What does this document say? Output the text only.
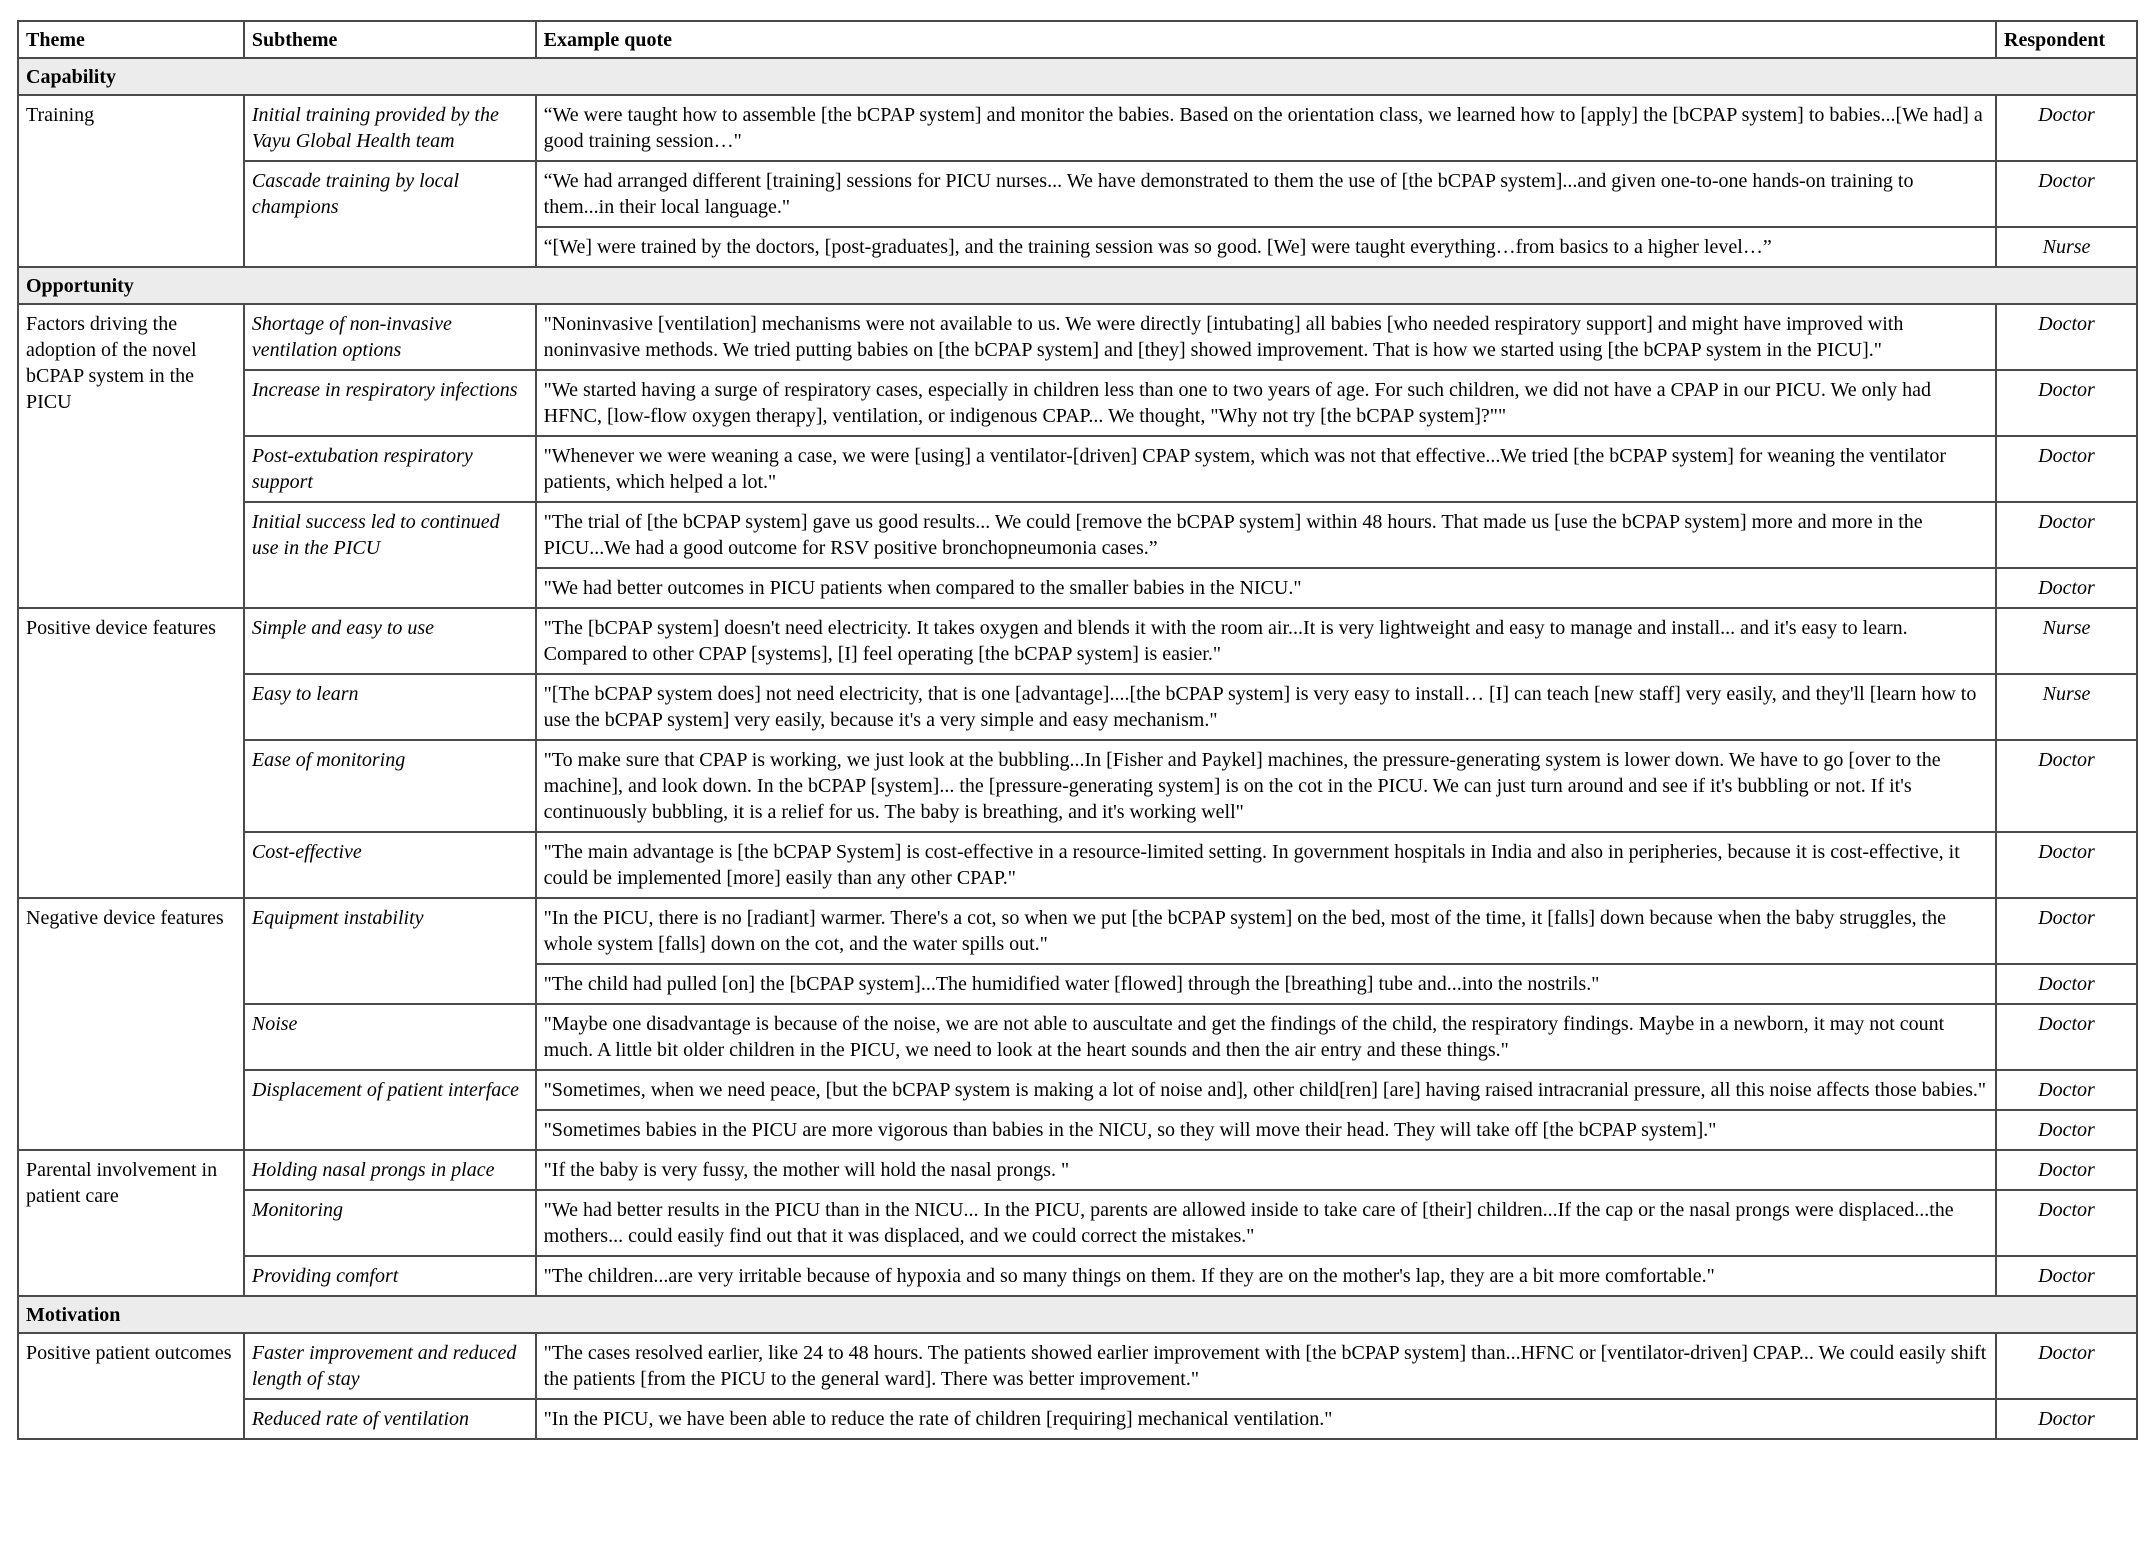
Theme	Subtheme	Example quote	Respondent
Capability			
Training	Initial training provided by the Vayu Global Health team	“We were taught how to assemble [the bCPAP system] and monitor the babies. Based on the orientation class, we learned how to [apply] the [bCPAP system] to babies...[We had] a good training session…"	Doctor
	Cascade training by local champions	“We had arranged different [training] sessions for PICU nurses... We have demonstrated to them the use of [the bCPAP system]...and given one-to-one hands-on training to them...in their local language."	Doctor
		“[We] were trained by the doctors, [post-graduates], and the training session was so good. [We] were taught everything…from basics to a higher level…”	Nurse
Opportunity			
Factors driving the adoption of the novel bCPAP system in the PICU	Shortage of non-invasive ventilation options	"Noninvasive [ventilation] mechanisms were not available to us. We were directly [intubating] all babies [who needed respiratory support] and might have improved with noninvasive methods. We tried putting babies on [the bCPAP system] and [they] showed improvement. That is how we started using [the bCPAP system in the PICU]."	Doctor
	Increase in respiratory infections	"We started having a surge of respiratory cases, especially in children less than one to two years of age. For such children, we did not have a CPAP in our PICU. We only had HFNC, [low-flow oxygen therapy], ventilation, or indigenous CPAP... We thought, "Why not try [the bCPAP system]?""	Doctor
	Post-extubation respiratory support	"Whenever we were weaning a case, we were [using] a ventilator-[driven] CPAP system, which was not that effective...We tried [the bCPAP system] for weaning the ventilator patients, which helped a lot."	Doctor
	Initial success led to continued use in the PICU	"The trial of [the bCPAP system] gave us good results... We could [remove the bCPAP system] within 48 hours. That made us [use the bCPAP system] more and more in the PICU...We had a good outcome for RSV positive bronchopneumonia cases.”	Doctor
		"We had better outcomes in PICU patients when compared to the smaller babies in the NICU."	Doctor
Positive device features	Simple and easy to use	"The [bCPAP system] doesn't need electricity. It takes oxygen and blends it with the room air...It is very lightweight and easy to manage and install... and it's easy to learn. Compared to other CPAP [systems], [I] feel operating [the bCPAP system] is easier."	Nurse
	Easy to learn	"[The bCPAP system does] not need electricity, that is one [advantage]....[the bCPAP system] is very easy to install… [I] can teach [new staff] very easily, and they'll [learn how to use the bCPAP system] very easily, because it's a very simple and easy mechanism."	Nurse
	Ease of monitoring	"To make sure that CPAP is working, we just look at the bubbling...In [Fisher and Paykel] machines, the pressure-generating system is lower down. We have to go [over to the machine], and look down. In the bCPAP [system]... the [pressure-generating system] is on the cot in the PICU. We can just turn around and see if it's bubbling or not. If it's continuously bubbling, it is a relief for us. The baby is breathing, and it's working well"	Doctor
	Cost-effective	"The main advantage is [the bCPAP System] is cost-effective in a resource-limited setting. In government hospitals in India and also in peripheries, because it is cost-effective, it could be implemented [more] easily than any other CPAP."	Doctor
Negative device features	Equipment instability	"In the PICU, there is no [radiant] warmer. There's a cot, so when we put [the bCPAP system] on the bed, most of the time, it [falls] down because when the baby struggles, the whole system [falls] down on the cot, and the water spills out."	Doctor
		"The child had pulled [on] the [bCPAP system]...The humidified water [flowed] through the [breathing] tube and...into the nostrils."	Doctor
	Noise	"Maybe one disadvantage is because of the noise, we are not able to auscultate and get the findings of the child, the respiratory findings. Maybe in a newborn, it may not count much. A little bit older children in the PICU, we need to look at the heart sounds and then the air entry and these things."	Doctor
	Displacement of patient interface	"Sometimes, when we need peace, [but the bCPAP system is making a lot of noise and], other child[ren] [are] having raised intracranial pressure, all this noise affects those babies."	Doctor
		"Sometimes babies in the PICU are more vigorous than babies in the NICU, so they will move their head. They will take off [the bCPAP system]."	Doctor
Parental involvement in patient care	Holding nasal prongs in place	"If the baby is very fussy, the mother will hold the nasal prongs. "	Doctor
	Monitoring	"We had better results in the PICU than in the NICU... In the PICU, parents are allowed inside to take care of [their] children...If the cap or the nasal prongs were displaced...the mothers... could easily find out that it was displaced, and we could correct the mistakes."	Doctor
	Providing comfort	"The children...are very irritable because of hypoxia and so many things on them. If they are on the mother's lap, they are a bit more comfortable."	Doctor
Motivation			
Positive patient outcomes	Faster improvement and reduced length of stay	"The cases resolved earlier, like 24 to 48 hours. The patients showed earlier improvement with [the bCPAP system] than...HFNC or [ventilator-driven] CPAP... We could easily shift the patients [from the PICU to the general ward]. There was better improvement."	Doctor
	Reduced rate of ventilation	"In the PICU, we have been able to reduce the rate of children [requiring] mechanical ventilation."	Doctor
